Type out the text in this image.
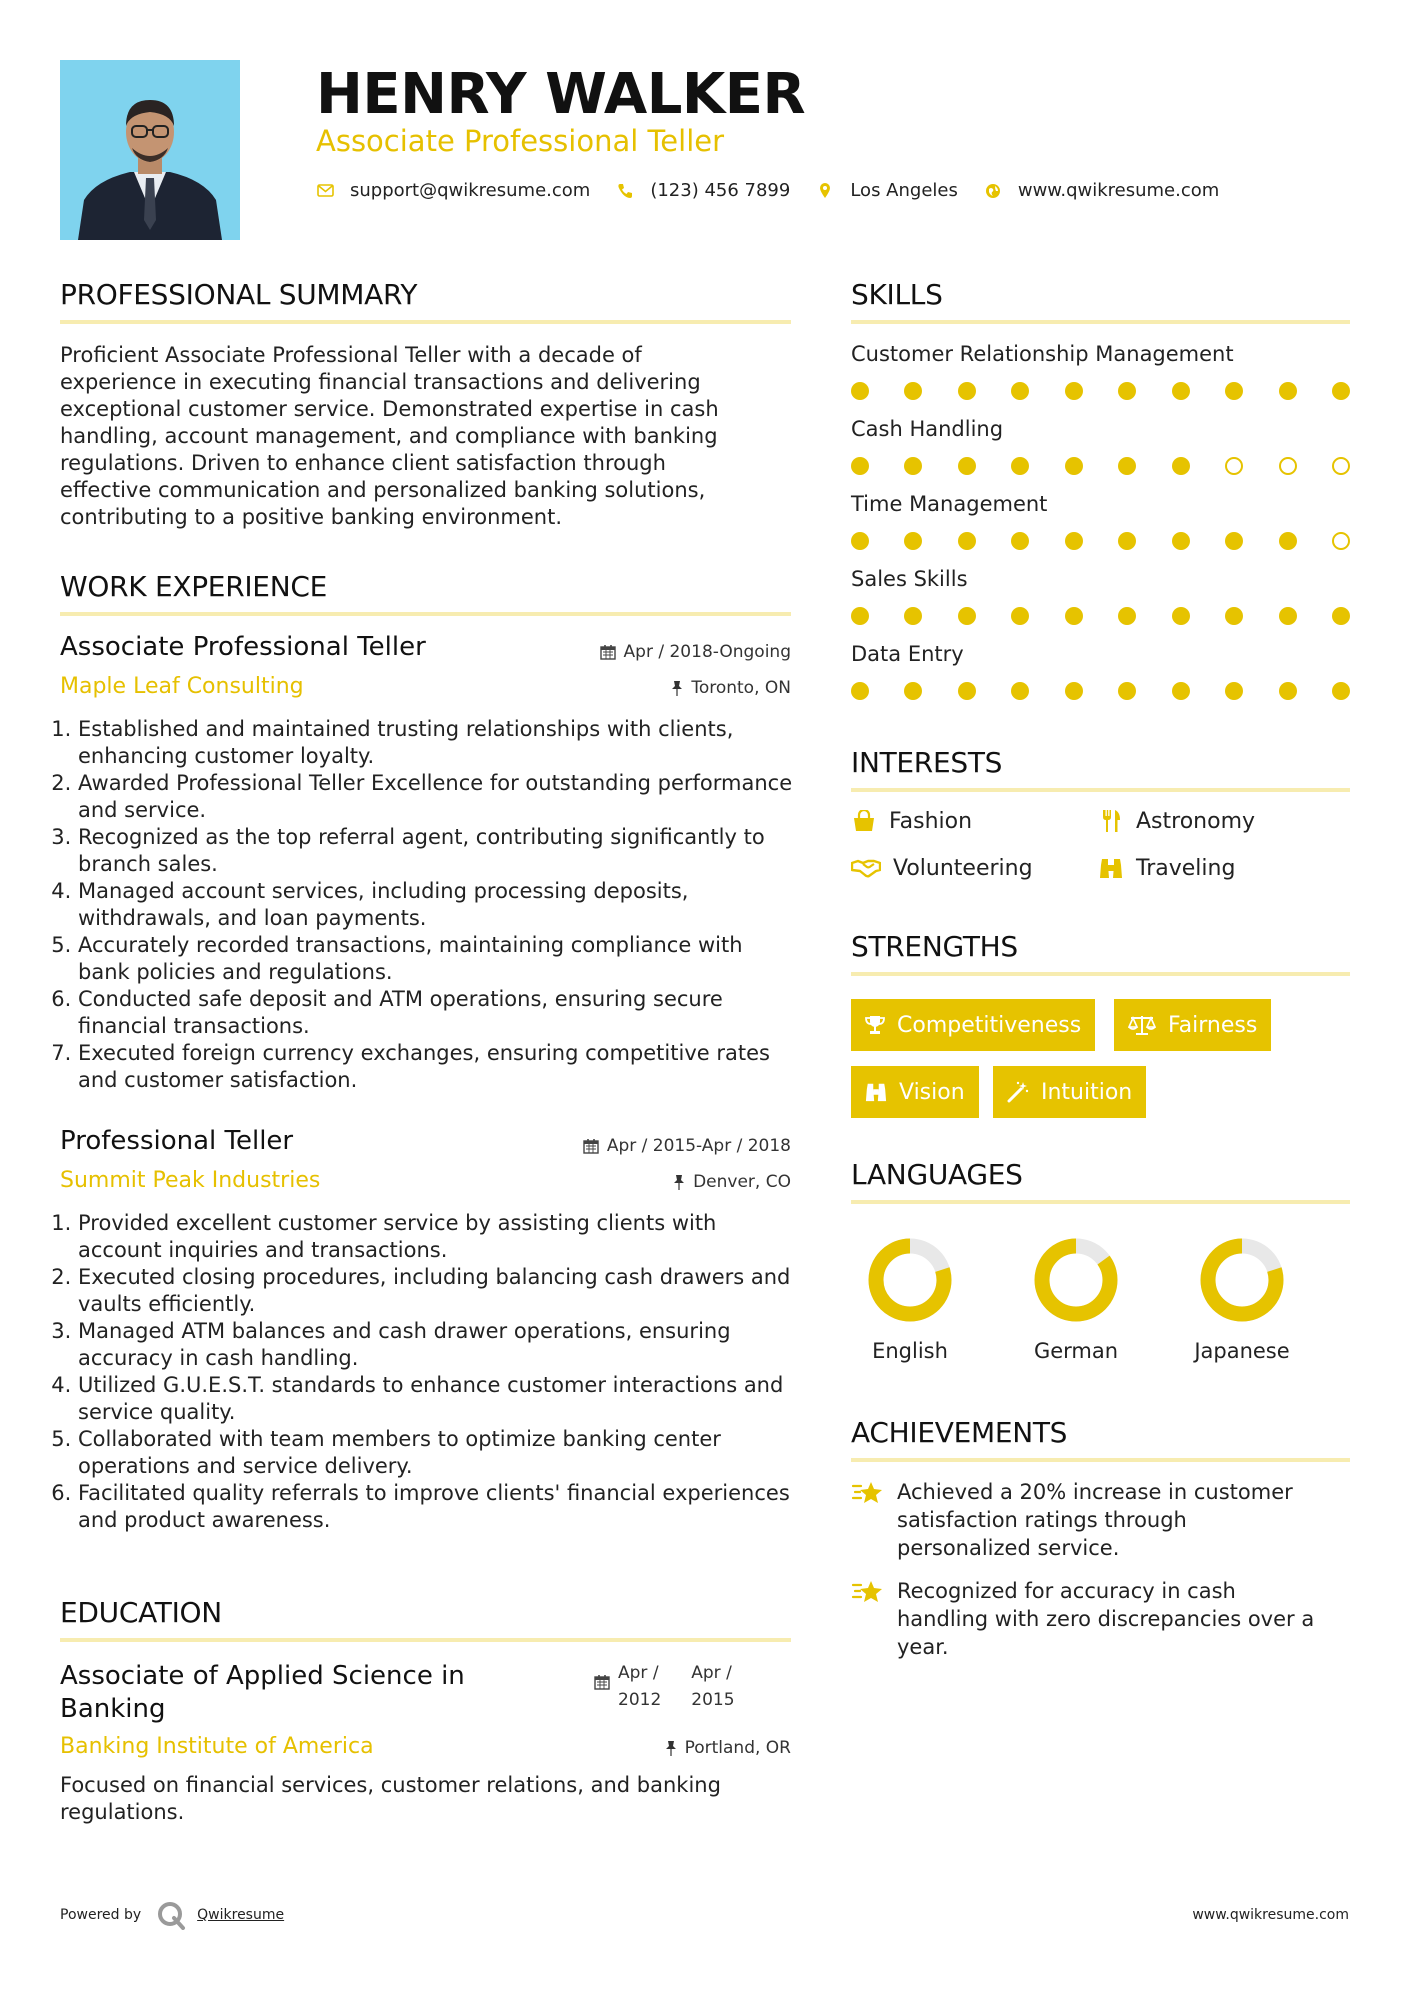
HENRY WALKER
Associate Professional Teller
support@qwikresume.com	(123) 456 7899	Los Angeles	www.qwikresume.com
PROFESSIONAL SUMMARY
Proficient Associate Professional Teller with a decade of
experience in executing financial transactions and delivering
exceptional customer service. Demonstrated expertise in cash
handling, account management, and compliance with banking
regulations. Driven to enhance client satisfaction through
effective communication and personalized banking solutions,
contributing to a positive banking environment.
WORK EXPERIENCE
Associate Professional Teller	Apr / 2018-Ongoing
Maple Leaf Consulting	Toronto, ON
1. Established and maintained trusting relationships with clients, enhancing customer loyalty.
2. Awarded Professional Teller Excellence for outstanding performance and service.
3. Recognized as the top referral agent, contributing significantly to branch sales.
4. Managed account services, including processing deposits, withdrawals, and loan payments.
5. Accurately recorded transactions, maintaining compliance with bank policies and regulations.
6. Conducted safe deposit and ATM operations, ensuring secure financial transactions.
7. Executed foreign currency exchanges, ensuring competitive rates and customer satisfaction.
Professional Teller	Apr / 2015-Apr / 2018
Summit Peak Industries	Denver, CO
1. Provided excellent customer service by assisting clients with account inquiries and transactions.
2. Executed closing procedures, including balancing cash drawers and vaults efficiently.
3. Managed ATM balances and cash drawer operations, ensuring accuracy in cash handling.
4. Utilized G.U.E.S.T. standards to enhance customer interactions and service quality.
5. Collaborated with team members to optimize banking center operations and service delivery.
6. Facilitated quality referrals to improve clients' financial experiences and product awareness.
EDUCATION
Associate of Applied Science in
Banking
Apr /
2012
Apr /
2015
Banking Institute of America	Portland, OR
Focused on financial services, customer relations, and banking
regulations.
SKILLS
Customer Relationship Management
Cash Handling
Time Management
Sales Skills
Data Entry
INTERESTS
Fashion	Astronomy
Volunteering	Traveling
STRENGTHS
Competitiveness	Fairness
Vision	Intuition
LANGUAGES
English	German	Japanese
ACHIEVEMENTS
Achieved a 20% increase in customer
satisfaction ratings through
personalized service.
Recognized for accuracy in cash
handling with zero discrepancies over a
year.
Powered by	Qwikresume	www.qwikresume.com
